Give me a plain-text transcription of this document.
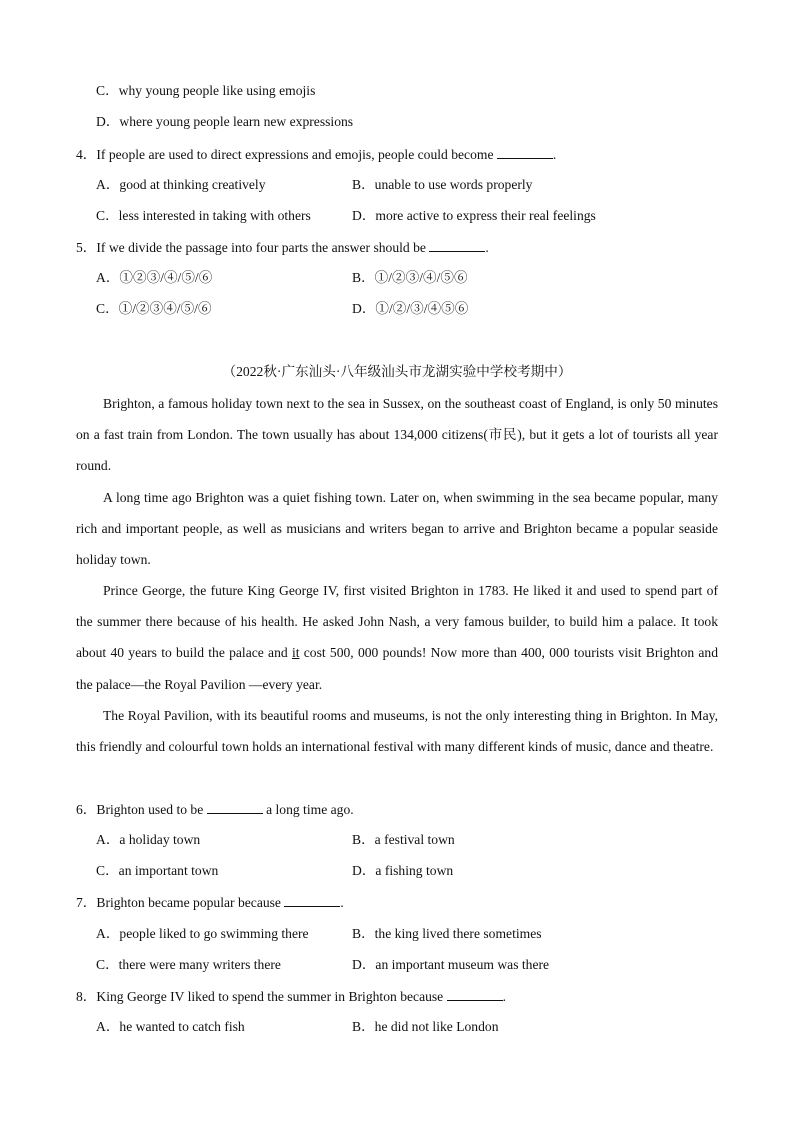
C．why young people like using emojis
D．where young people learn new expressions
4．If people are used to direct expressions and emojis, people could become	.
A．good at thinking creatively	B．unable to use words properly
C．less interested in taking with others	D．more active to express their real feelings
5．If we divide the passage into four parts the answer should be	.
A．①②③/④/⑤/⑥	B．①/②③/④/⑤⑥
C．①/②③④/⑤/⑥	D．①/②/③/④⑤⑥
（2022秋·广东汕头·八年级汕头市龙湖实验中学校考期中）
Brighton, a famous holiday town next to the sea in Sussex, on the southeast coast of England, is only 50 minutes on a fast train from London. The town usually has about 134,000 citizens(市民), but it gets a lot of tourists all year round.
A long time ago Brighton was a quiet fishing town. Later on, when swimming in the sea became popular, many rich and important people, as well as musicians and writers began to arrive and Brighton became a popular seaside holiday town.
Prince George, the future King George IV, first visited Brighton in 1783. He liked it and used to spend part of the summer there because of his health. He asked John Nash, a very famous builder, to build him a palace. It took about 40 years to build the palace and it cost 500, 000 pounds! Now more than 400, 000 tourists visit Brighton and the palace—the Royal Pavilion —every year.
The Royal Pavilion, with its beautiful rooms and museums, is not the only interesting thing in Brighton. In May, this friendly and colourful town holds an international festival with many different kinds of music, dance and theatre.
6．Brighton used to be	a long time ago.
A．a holiday town	B．a festival town
C．an important town	D．a fishing town
7．Brighton became popular because	.
A．people liked to go swimming there	B．the king lived there sometimes
C．there were many writers there	D．an important museum was there
8．King George IV liked to spend the summer in Brighton because	.
A．he wanted to catch fish	B．he did not like London
